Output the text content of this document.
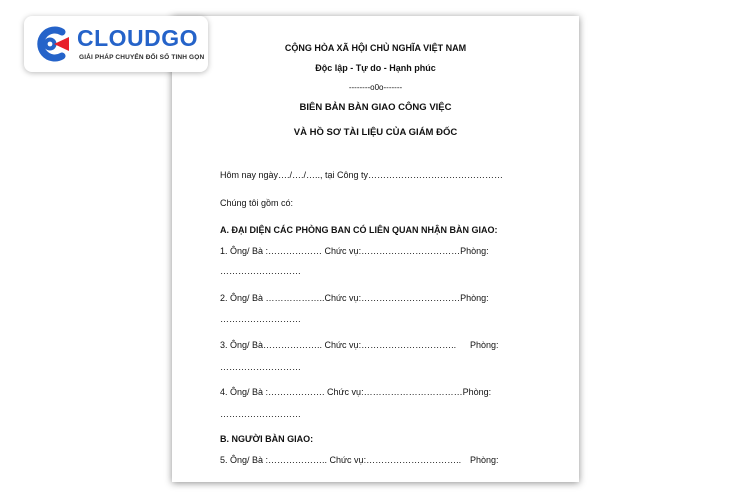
CLOUDGO
GIẢI PHÁP CHUYỂN ĐỔI SỐ TINH GỌN
CỘNG HÒA XÃ HỘI CHỦ NGHĨA VIỆT NAM
Độc lập - Tự do - Hạnh phúc
--------o0o-------
BIÊN BẢN BÀN GIAO CÔNG VIỆC
VÀ HỒ SƠ TÀI LIỆU CỦA GIÁM ĐỐC
Hôm nay ngày…./…./….., tại Công ty………………………………………
Chúng tôi gồm có:
A. ĐẠI DIỆN CÁC PHÒNG BAN CÓ LIÊN QUAN NHẬN BÀN GIAO:
1. Ông/ Bà :……………… Chức vụ:……………………………Phòng:
………………………
2. Ông/ Bà ………………..Chức vụ:……………………………Phòng:
………………………
3. Ông/ Bà……………….. Chức vụ:………………………….. Phòng:
………………………
4. Ông/ Bà :………………. Chức vụ:……………………………Phòng:
………………………
B. NGƯỜI BÀN GIAO:
5. Ông/ Bà :……………….. Chức vụ:………………………….. Phòng:
